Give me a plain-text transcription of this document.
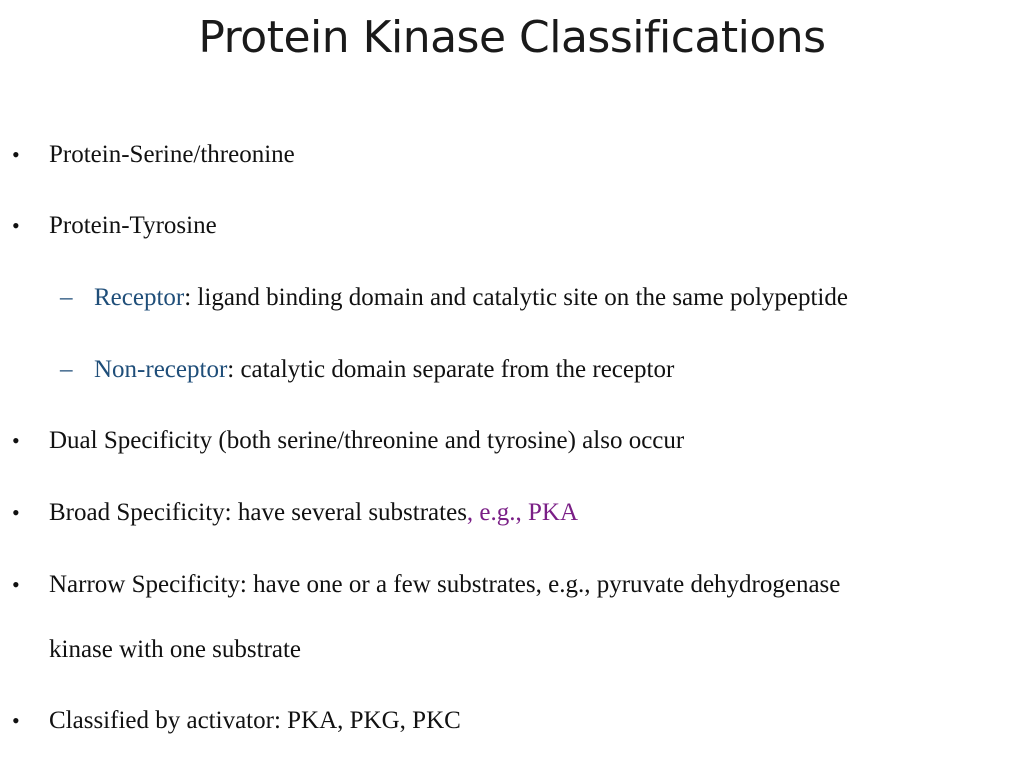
Protein Kinase Classifications
• Protein-Serine/threonine
• Protein-Tyrosine
– Receptor: ligand binding domain and catalytic site on the same polypeptide
– Non-receptor: catalytic domain separate from the receptor
• Dual Specificity (both serine/threonine and tyrosine) also occur
• Broad Specificity: have several substrates, e.g., PKA
• Narrow Specificity: have one or a few substrates, e.g., pyruvate dehydrogenase
kinase with one substrate
• Classified by activator: PKA, PKG, PKC
